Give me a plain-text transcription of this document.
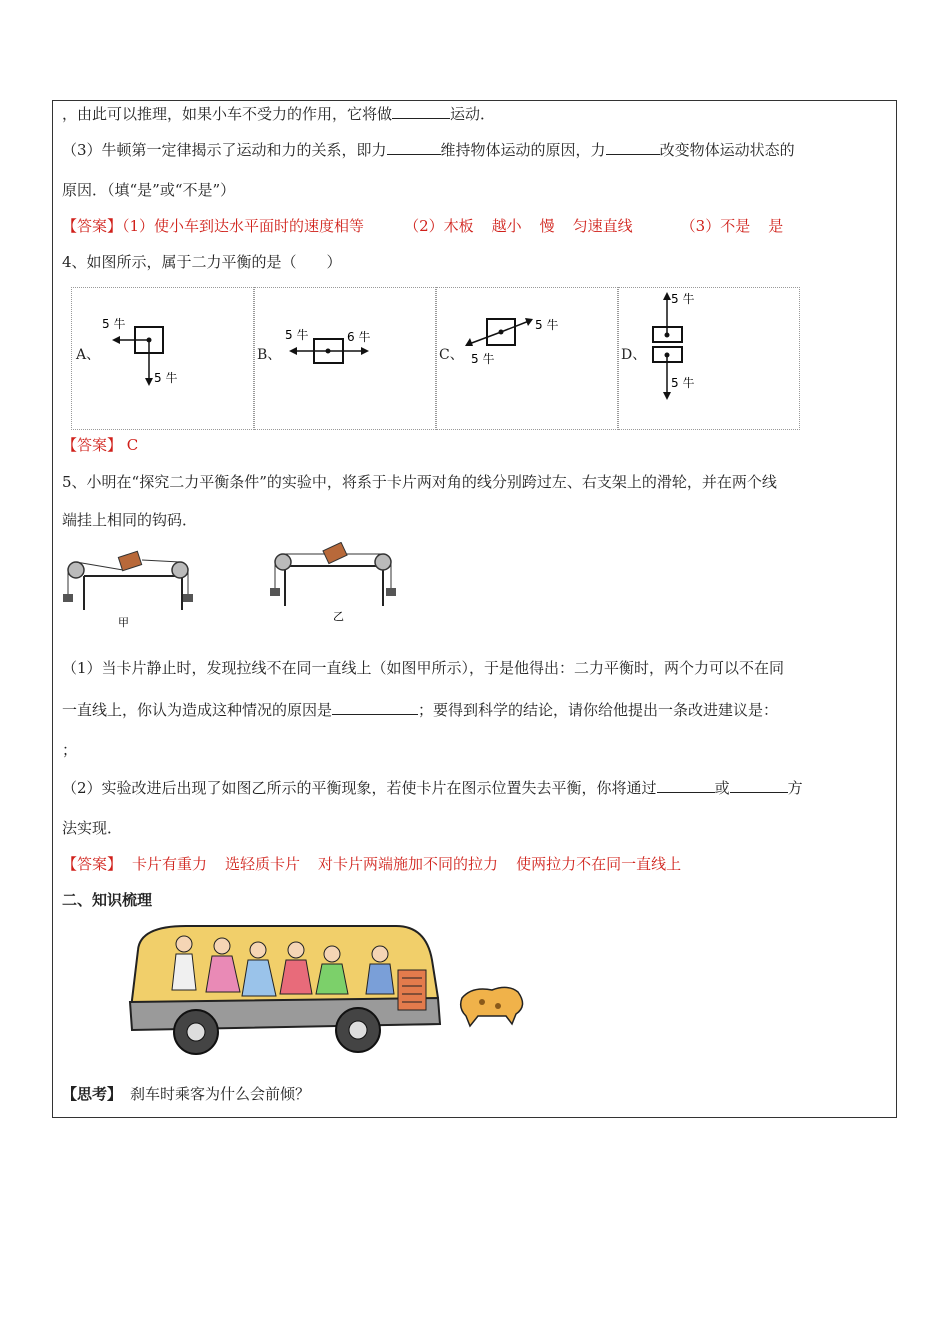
，由此可以推理，如果小车不受力的作用，它将做	运动．
（3）牛顿第一定律揭示了运动和力的关系，即力	维持物体运动的原因，力	改变物体运动状态的
原因．（填“是”或“不是”）
【答案】（1）使小车到达水平面时的速度相等	（2）木板 越小 慢 匀速直线	（3）不是 是
4、如图所示，属于二力平衡的是（　　）
A、
5 牛
5 牛
B、
5 牛	6 牛
C、
5 牛
5 牛	D、
5 牛
5 牛
【答案】 C
5、小明在“探究二力平衡条件”的实验中，将系于卡片两对角的线分别跨过左、右支架上的滑轮，并在两个线
端挂上相同的钩码．
甲	乙
（1）当卡片静止时，发现拉线不在同一直线上（如图甲所示），于是他得出：二力平衡时，两个力可以不在同
一直线上，你认为造成这种情况的原因是	；要得到科学的结论，请你给他提出一条改进建议是：
；
（2）实验改进后出现了如图乙所示的平衡现象，若使卡片在图示位置失去平衡，你将通过	或	方
法实现．
【答案】 卡片有重力 选轻质卡片 对卡片两端施加不同的拉力 使两拉力不在同一直线上
二、知识梳理
【思考】 刹车时乘客为什么会前倾？
